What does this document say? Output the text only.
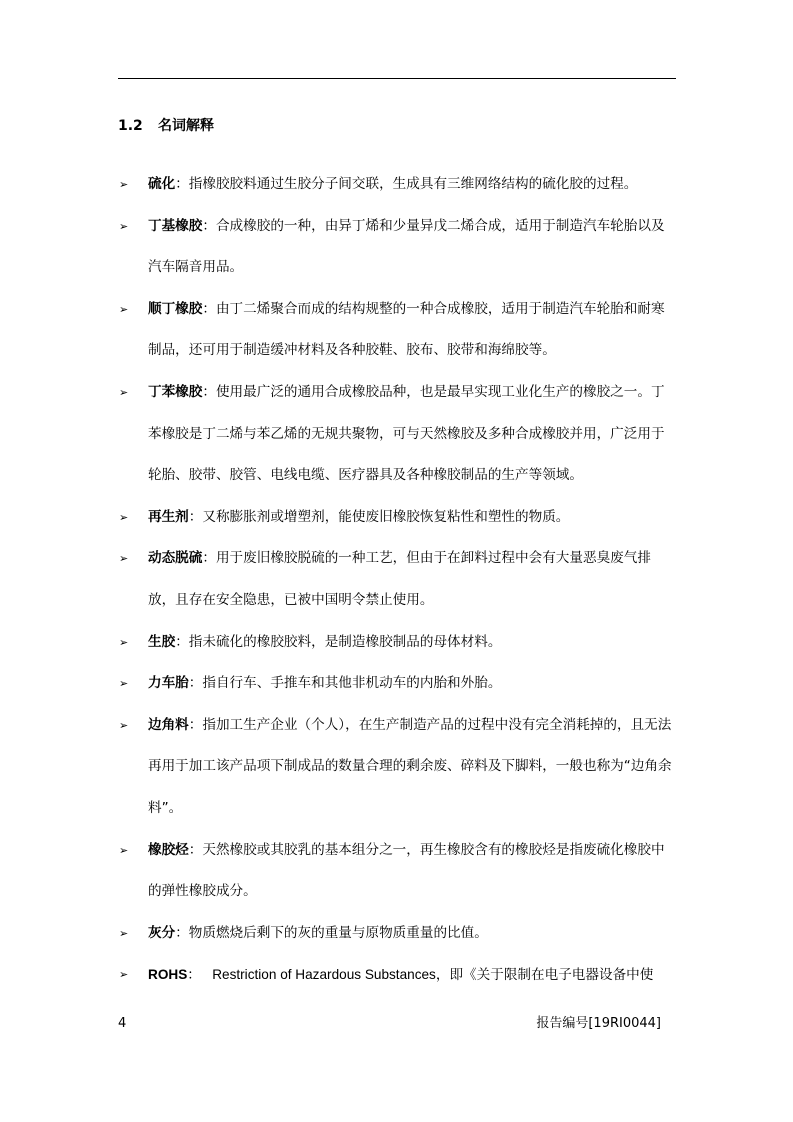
1.2 名词解释
➢ 硫化：指橡胶胶料通过生胶分子间交联，生成具有三维网络结构的硫化胶的过程。
➢ 丁基橡胶：合成橡胶的一种，由异丁烯和少量异戊二烯合成，适用于制造汽车轮胎以及汽车隔音用品。
➢ 顺丁橡胶：由丁二烯聚合而成的结构规整的一种合成橡胶，适用于制造汽车轮胎和耐寒制品，还可用于制造缓冲材料及各种胶鞋、胶布、胶带和海绵胶等。
➢ 丁苯橡胶：使用最广泛的通用合成橡胶品种，也是最早实现工业化生产的橡胶之一。丁苯橡胶是丁二烯与苯乙烯的无规共聚物，可与天然橡胶及多种合成橡胶并用，广泛用于轮胎、胶带、胶管、电线电缆、医疗器具及各种橡胶制品的生产等领域。
➢ 再生剂：又称膨胀剂或增塑剂，能使废旧橡胶恢复粘性和塑性的物质。
➢ 动态脱硫：用于废旧橡胶脱硫的一种工艺，但由于在卸料过程中会有大量恶臭废气排放，且存在安全隐患，已被中国明令禁止使用。
➢ 生胶：指未硫化的橡胶胶料，是制造橡胶制品的母体材料。
➢ 力车胎：指自行车、手推车和其他非机动车的内胎和外胎。
➢ 边角料：指加工生产企业（个人），在生产制造产品的过程中没有完全消耗掉的，且无法再用于加工该产品项下制成品的数量合理的剩余废、碎料及下脚料，一般也称为“边角余料”。
➢ 橡胶烃：天然橡胶或其胶乳的基本组分之一，再生橡胶含有的橡胶烃是指废硫化橡胶中的弹性橡胶成分。
➢ 灰分：物质燃烧后剩下的灰的重量与原物质重量的比值。
➢ ROHS：   Restriction of Hazardous Substances，即《关于限制在电子电器设备中使
4	报告编号[19RI0044]
